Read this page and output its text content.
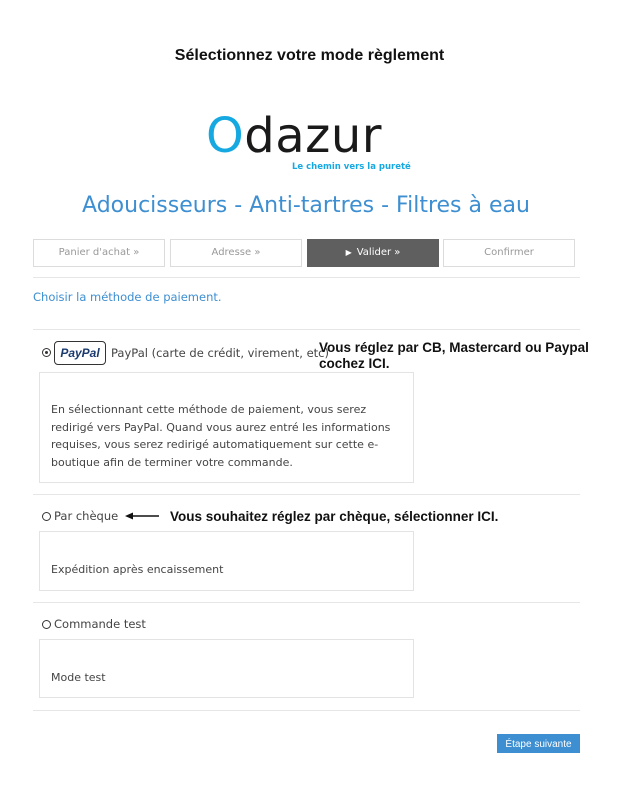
Sélectionnez votre mode règlement
Odazur
Le chemin vers la pureté
Adoucisseurs - Anti-tartres - Filtres à eau
Panier d'achat »	Adresse »	▶ Valider »	Confirmer
Choisir la méthode de paiement.
PayPal PayPal (carte de crédit, virement, etc)
En sélectionnant cette méthode de paiement, vous serez redirigé vers PayPal. Quand vous aurez entré les informations requises, vous serez redirigé automatiquement sur cette e-boutique afin de terminer votre commande.
Vous réglez par CB, Mastercard ou Paypal cochez ICI.
Par chèque	Vous souhaitez réglez par chèque, sélectionner ICI.
Expédition après encaissement
Commande test
Mode test
Étape suivante
